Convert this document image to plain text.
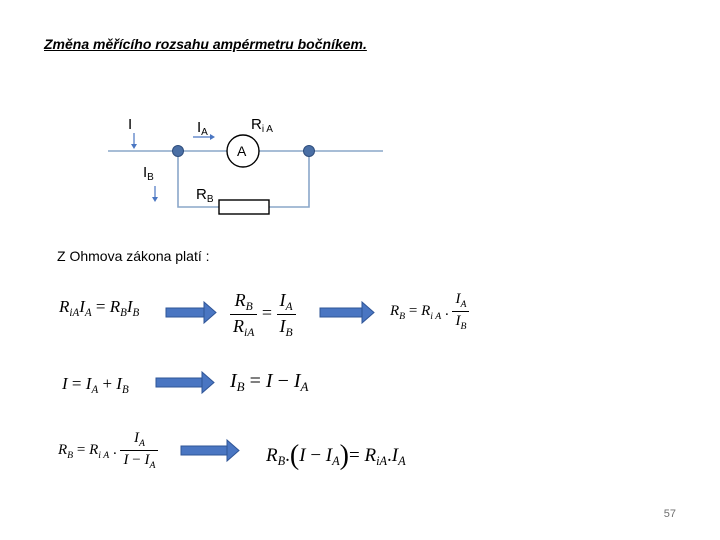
Změna měřícího rozsahu ampérmetru bočníkem.
I	$I_A$	$R_{i A}$
A
$I_B$
$R_B$
Z Ohmova zákona platí :
$R_{iA}I_A = R_BI_B$	$\frac{R_B}{R_{iA}} = \frac{I_A}{I_B}$	$R_B = R_{i A}$ . $\frac{I_A}{I_B}$
$I = I_A + I_B$	$I_B = I - I_A$
$R_B = R_{i A}$ . $\frac{I_A}{I - I_A}$	$R_B.(I - I_A)= R_{iA}.I_A$
57
